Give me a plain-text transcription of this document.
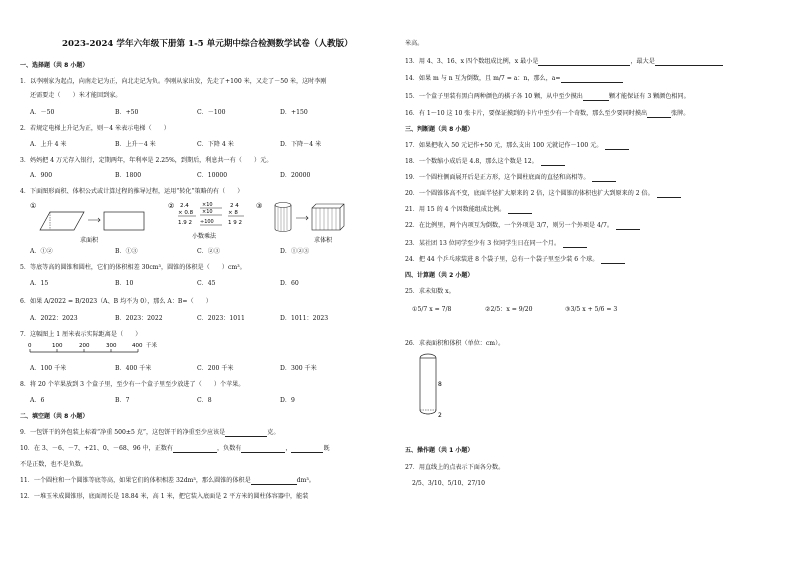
2023-2024 学年六年级下册第 1-5 单元期中综合检测数学试卷（人教版）
一、选择题（共 8 小题）
1．以李刚家为起点，向南走记为正，向北走记为负。李刚从家出发，先走了+100 米，又走了－50 米，这时李刚
还需要走（　　）米才能回到家。
A．－50	B．+50	C．－100	D．+150
2．若规定电梯上升记为正，则－4 米表示电梯（　　）
A．上升 4 米	B．上升－4 米	C．下降 4 米	D．下降－4 米
3．妈妈把 4 万元存入银行，定期两年，年利率是 2.25%，到期后，利息共一有（　　）元。
A．900	B．1800	C．10000	D．20000
4．下面图形面积、体积公式或计算过程的推导过程，运用“转化”策略的有（　　）
①
求面积
② 2.4
× 0.8
1.9 2
×10
×10
÷100
2 4
× 8
1 9 2
小数乘法
③
求体积
A．①②	B．①③	C．②③	D．①②③
5．等底等高的圆锥和圆柱，它们的体积相差 30cm³，圆锥的体积是（　　）cm³。
A．15	B．10	C．45	D．60
6．如果 A/2022 = B/2023（A、B 均不为 0），那么 A：B=（　　）
A．2022：2023	B．2023：2022	C．2023：1011	D．1011：2023
7．这幅图上 1 厘米表示实际距离是（　　）
0	100	200	300	400 千米
A．100 千米	B．400 千米	C．200 千米	D．300 千米
8．将 20 个苹果放到 3 个盒子里，至少有一个盒子里至少放进了（　　）个苹果。
A．6	B．7	C．8	D．9
二、填空题（共 8 小题）
9．一包饼干的外包装上标着“净重 500±5 克”，这包饼干的净重至少应该是	克。
10．在 3、－6、－7、+21、0、－68、96 中，正数有	，负数有	，	既
不是正数，也不是负数。
11．一个圆柱和一个圆锥等底等高，如果它们的体积相差 32dm³，那么圆锥的体积是	dm³。
12．一堆玉米成圆锥形，底面周长是 18.84 米，高 1 米，把它装入底面是 2 平方米的圆柱体容器中，能装
米高。
13．用 4、3、16、x 四个数组成比例，x 最小是	，最大是
14．如果 m 与 n 互为倒数，且 m/7 = a：n，那么，a=
15．一个盒子里装有黑白两种颜色的棋子各 10 颗，从中至少摸出	颗才能保证有 3 颗颜色相同。
16．有 1～10 这 10 张卡片，要保证摸到的卡片中至少有一个奇数，那么至少要同时摸出	张牌。
三、判断题（共 8 小题）
17．如果把收入 50 元记作+50 元，那么支出 100 元就记作－100 元。
18．一个数缩小成后是 4.8，那么这个数是 12。
19．一个圆柱侧面展开后是正方形，这个圆柱底面的直径和高相等。
20．一个圆锥体高不变，底面半径扩大原来的 2 倍，这个圆锥的体积也扩大到原来的 2 倍。
21．用 15 的 4 个因数能组成比例。
22．在比例里，两个内项互为倒数，一个外项是 3/7，则另一个外项是 4/7。
23．某社团 13 位同学至少有 3 位同学生日在同一个月。
24．把 44 个乒乓球装进 8 个袋子里，总有一个袋子里至少装 6 个球。
四、计算题（共 2 小题）
25．求未知数 x。
①5/7 x = 7/8	②2/5：x = 9/20	③3/5 x + 5/6 = 3
26．求表面积和体积（单位：cm）。
8
2
五、操作题（共 1 小题）
27．用直线上的点表示下面各分数。
2/5、3/10、5/10、27/10
